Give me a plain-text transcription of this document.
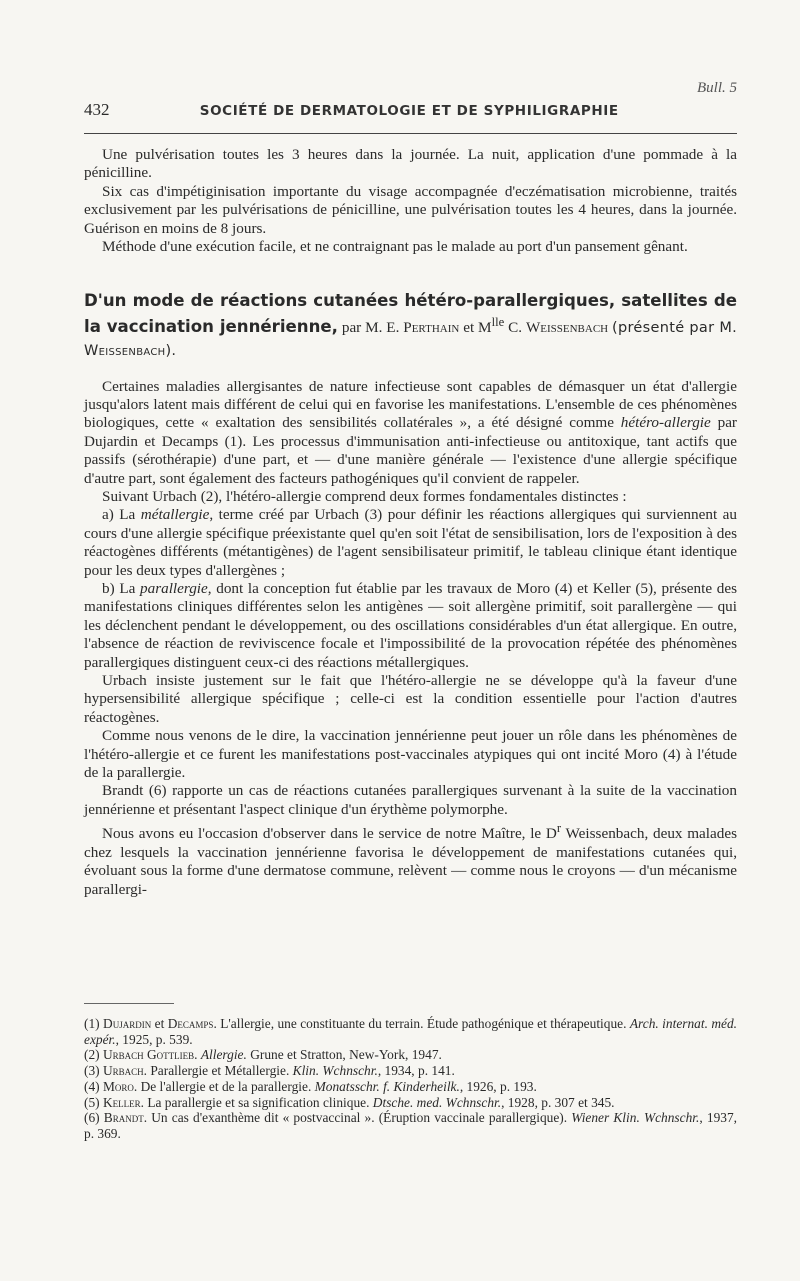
Bull. 5
432	SOCIÉTÉ DE DERMATOLOGIE ET DE SYPHILIGRAPHIE

Une pulvérisation toutes les 3 heures dans la journée. La nuit, application d'une pommade à la pénicilline.

Six cas d'impétiginisation importante du visage accompagnée d'eczématisation microbienne, traités exclusivement par les pulvérisations de pénicilline, une pulvérisation toutes les 4 heures, dans la journée. Guérison en moins de 8 jours.

Méthode d'une exécution facile, et ne contraignant pas le malade au port d'un pansement gênant.

D'un mode de réactions cutanées hétéro-parallergiques, satellites de la vaccination jennérienne, par M. E. Perthain et $M^{lle}$ C. Weissenbach (présenté par M. Weissenbach).

Certaines maladies allergisantes de nature infectieuse sont capables de démasquer un état d'allergie jusqu'alors latent mais différent de celui qui en favorise les manifestations. L'ensemble de ces phénomènes biologiques, cette « exaltation des sensibilités collatérales », a été désigné comme hétéro-allergie par Dujardin et Decamps (1). Les processus d'immunisation anti-infectieuse ou antitoxique, tant actifs que passifs (sérothérapie) d'une part, et — d'une manière générale — l'existence d'une allergie spécifique d'autre part, sont également des facteurs pathogéniques qu'il convient de rappeler.

Suivant Urbach (2), l'hétéro-allergie comprend deux formes fondamentales distinctes :

a) La métallergie, terme créé par Urbach (3) pour définir les réactions allergiques qui surviennent au cours d'une allergie spécifique préexistante quel qu'en soit l'état de sensibilisation, lors de l'exposition à des réactogènes différents (métantigènes) de l'agent sensibilisateur primitif, le tableau clinique étant identique pour les deux types d'allergènes ;

b) La parallergie, dont la conception fut établie par les travaux de Moro (4) et Keller (5), présente des manifestations cliniques différentes selon les antigènes — soit allergène primitif, soit parallergène — qui les déclenchent pendant le développement, ou des oscillations considérables d'un état allergique. En outre, l'absence de réaction de reviviscence focale et l'impossibilité de la provocation répétée des phénomènes parallergiques distinguent ceux-ci des réactions métallergiques.

Urbach insiste justement sur le fait que l'hétéro-allergie ne se développe qu'à la faveur d'une hypersensibilité allergique spécifique ; celle-ci est la condition essentielle pour l'action d'autres réactogènes.

Comme nous venons de le dire, la vaccination jennérienne peut jouer un rôle dans les phénomènes de l'hétéro-allergie et ce furent les manifestations post-vaccinales atypiques qui ont incité Moro (4) à l'étude de la parallergie.

Brandt (6) rapporte un cas de réactions cutanées parallergiques survenant à la suite de la vaccination jennérienne et présentant l'aspect clinique d'un érythème polymorphe.

Nous avons eu l'occasion d'observer dans le service de notre Maître, le $D^r$ Weissenbach, deux malades chez lesquels la vaccination jennérienne favorisa le développement de manifestations cutanées qui, évoluant sous la forme d'une dermatose commune, relèvent — comme nous le croyons — d'un mécanisme parallergi-

(1) Dujardin et Decamps. L'allergie, une constituante du terrain. Étude pathogénique et thérapeutique. Arch. internat. méd. expér., 1925, p. 539.

(2) Urbach Gottlieb. Allergie. Grune et Stratton, New-York, 1947.

(3) Urbach. Parallergie et Métallergie. Klin. Wchnschr., 1934, p. 141.

(4) Moro. De l'allergie et de la parallergie. Monatsschr. f. Kinderheilk., 1926, p. 193.

(5) Keller. La parallergie et sa signification clinique. Dtsche. med. Wchnschr., 1928, p. 307 et 345.

(6) Brandt. Un cas d'exanthème dit « postvaccinal ». (Éruption vaccinale parallergique). Wiener Klin. Wchnschr., 1937, p. 369.
